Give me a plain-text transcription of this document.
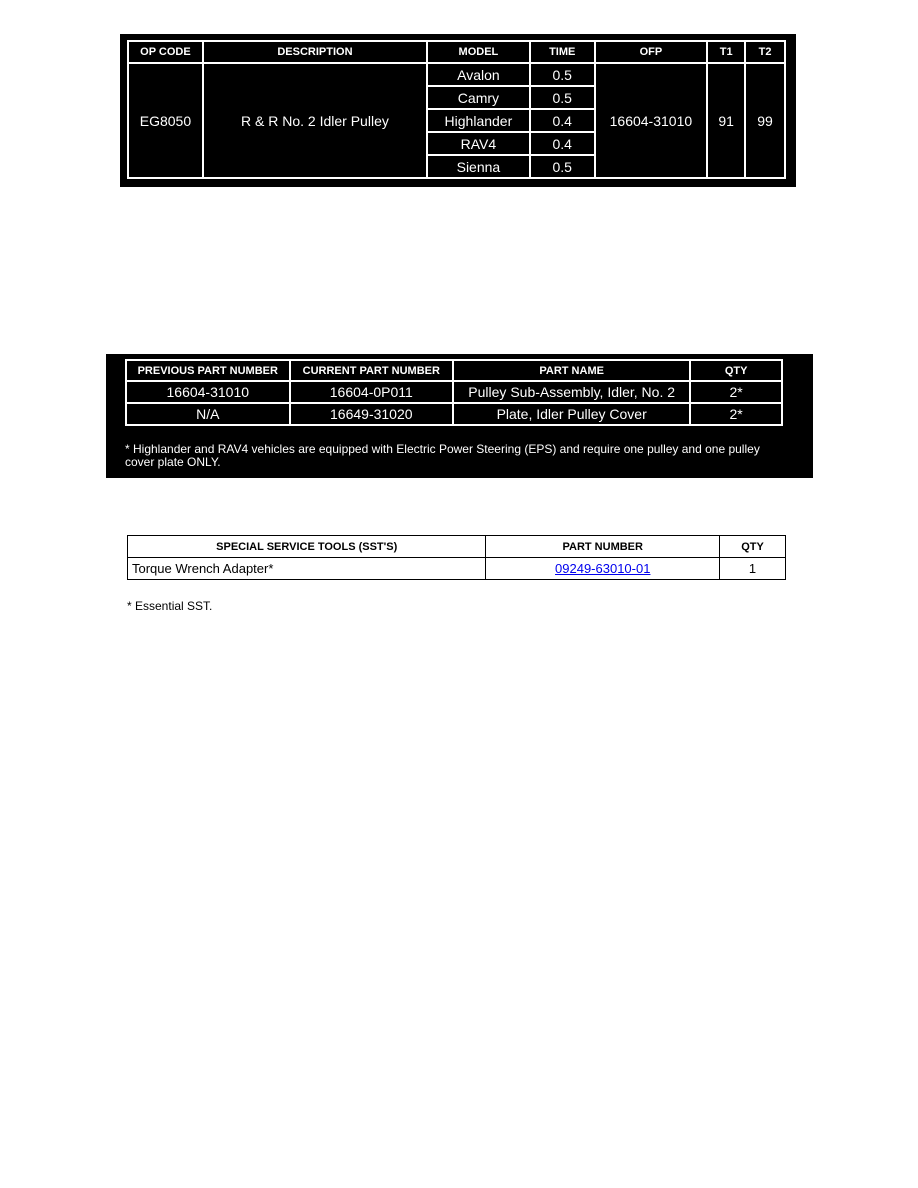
OP CODE	DESCRIPTION	MODEL	TIME	OFP	T1	T2
EG8050	R & R No. 2 Idler Pulley	Avalon	0.5	16604-31010	91	99
		Camry	0.5			
		Highlander	0.4			
		RAV4	0.4			
		Sienna	0.5			
PREVIOUS PART NUMBER	CURRENT PART NUMBER	PART NAME	QTY
16604-31010	16604-0P011	Pulley Sub-Assembly, Idler, No. 2	2*
N/A	16649-31020	Plate, Idler Pulley Cover	2*
* Highlander and RAV4 vehicles are equipped with Electric Power Steering (EPS) and require one pulley and one pulley cover plate ONLY.
SPECIAL SERVICE TOOLS (SST'S)	PART NUMBER	QTY
Torque Wrench Adapter*	09249-63010-01	1
* Essential SST.
